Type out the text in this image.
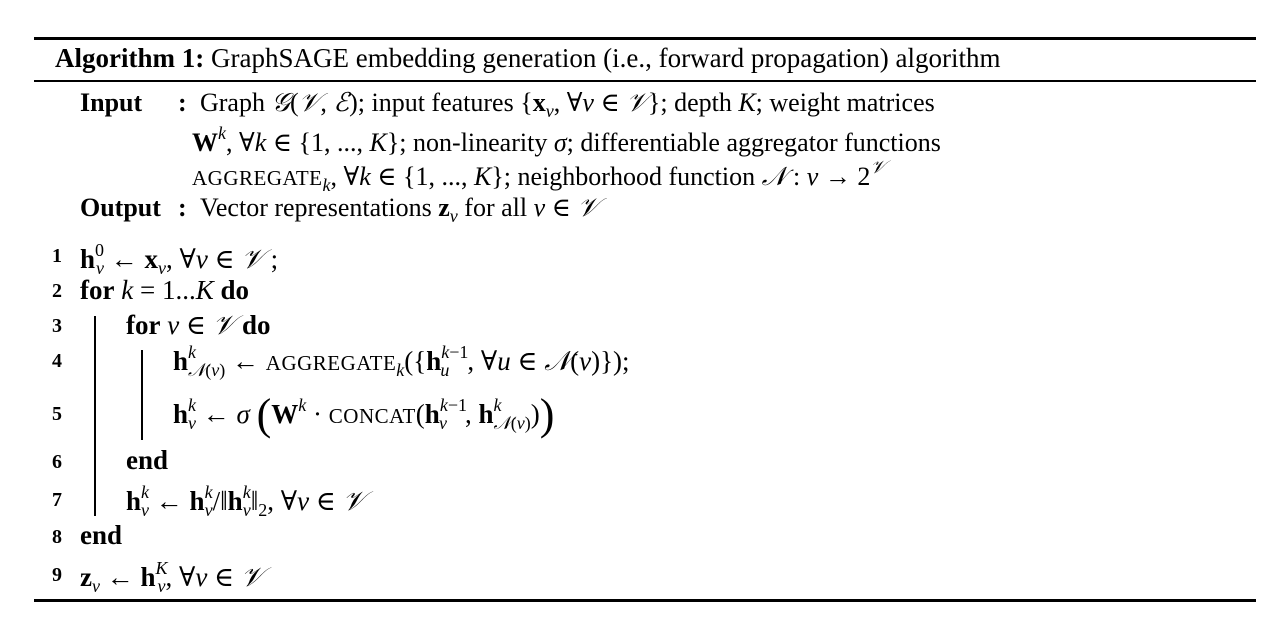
Algorithm 1: GraphSAGE embedding generation (i.e., forward propagation) algorithm
Input : Graph 𝒢(𝒱, ℰ); input features {$x_v$, ∀v ∈ 𝒱}; depth K; weight matrices
$W^k$, ∀k ∈ {1, ..., K}; non-linearity σ; differentiable aggregator functions
$AGGREGATE_k$, ∀k ∈ {1, ..., K}; neighborhood function 𝒩 : $v \to 2^𝒱$
Output : Vector representations $z_v$ for all v ∈ 𝒱
1
2
3
4
5
6
7
8
9
$h^0_v$ ← $x_v$, ∀v ∈ 𝒱 ;
for k = 1...K do
for v ∈ 𝒱 do
$h^k_{𝒩(v)}$ ← $AGGREGATE_k(\{h^{k-1}_u$ , ∀u ∈ 𝒩(v)});
$h^k_v$ ← σ ($W^k$ · $CONCAT(h^{k-1}_v$ , $h^k_{𝒩(v)}$))
end
$h^k_v$ ← $h^k_v/‖h^k_v‖_2$, ∀v ∈ 𝒱
end
$z_v$ ← $h^K_v$, ∀v ∈ 𝒱
